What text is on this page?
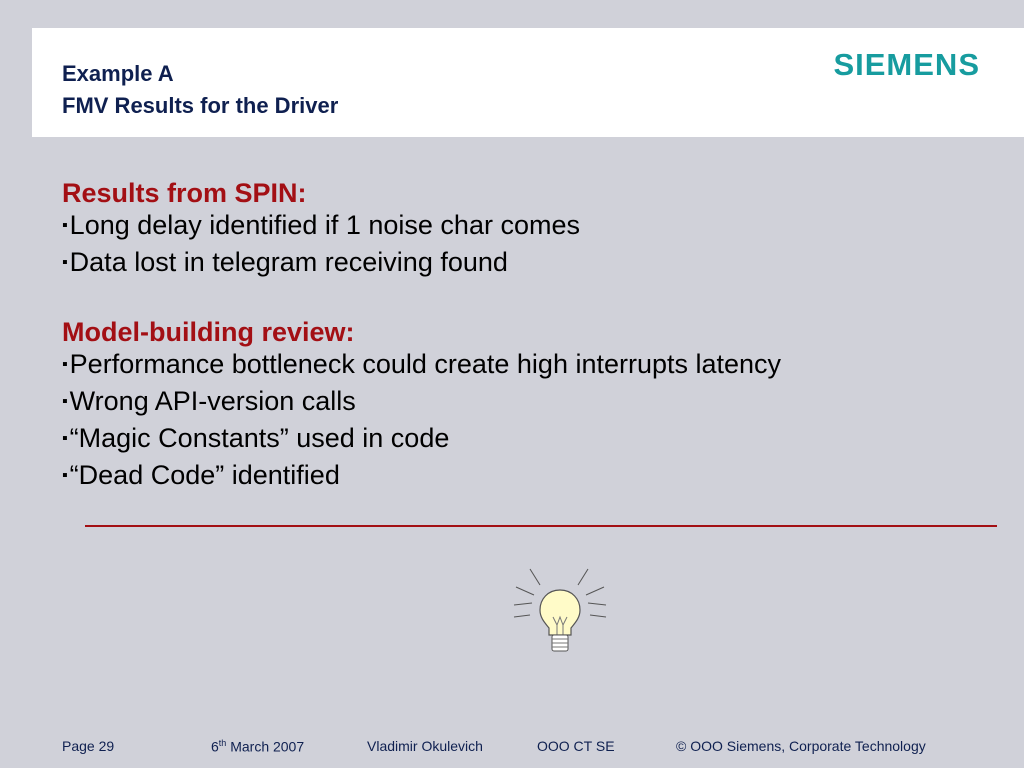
Example A
FMV Results for the Driver
SIEMENS
Results from SPIN:
▪Long delay identified if 1 noise char comes
▪Data lost in telegram receiving found
Model-building review:
▪Performance bottleneck could create high interrupts latency
▪Wrong API-version calls
▪“Magic Constants” used in code
▪“Dead Code” identified
Page 29	6th March 2007	Vladimir Okulevich	OOO CT SE	© OOO Siemens, Corporate Technology
